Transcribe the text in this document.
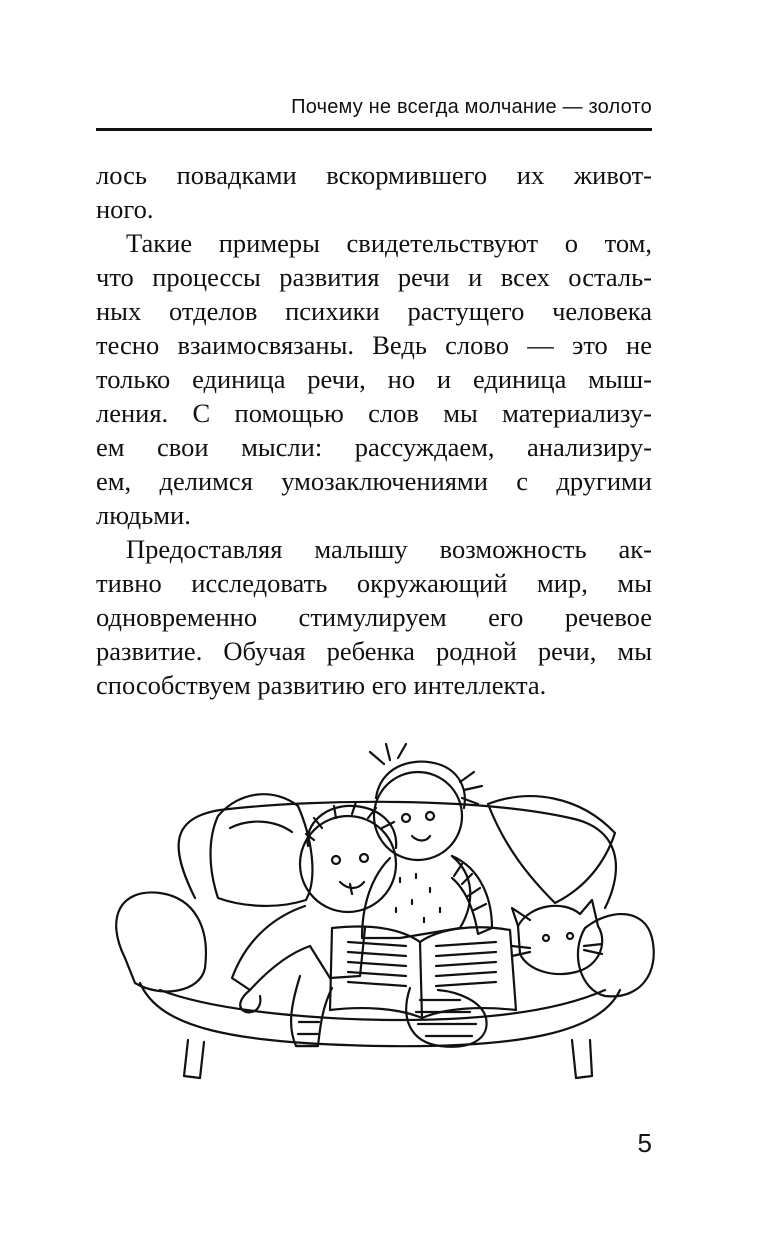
Почему не всегда молчание — золото
лось повадками вскормившего их живот-
ного.
Такие примеры свидетельствуют о том,
что процессы развития речи и всех осталь-
ных отделов психики растущего человека
тесно взаимосвязаны. Ведь слово — это не
только единица речи, но и единица мыш-
ления. С помощью слов мы материализу-
ем свои мысли: рассуждаем, анализиру-
ем, делимся умозаключениями с другими
людьми.
Предоставляя малышу возможность ак-
тивно исследовать окружающий мир, мы
одновременно стимулируем его речевое
развитие. Обучая ребенка родной речи, мы
способствуем развитию его интеллекта.
5
